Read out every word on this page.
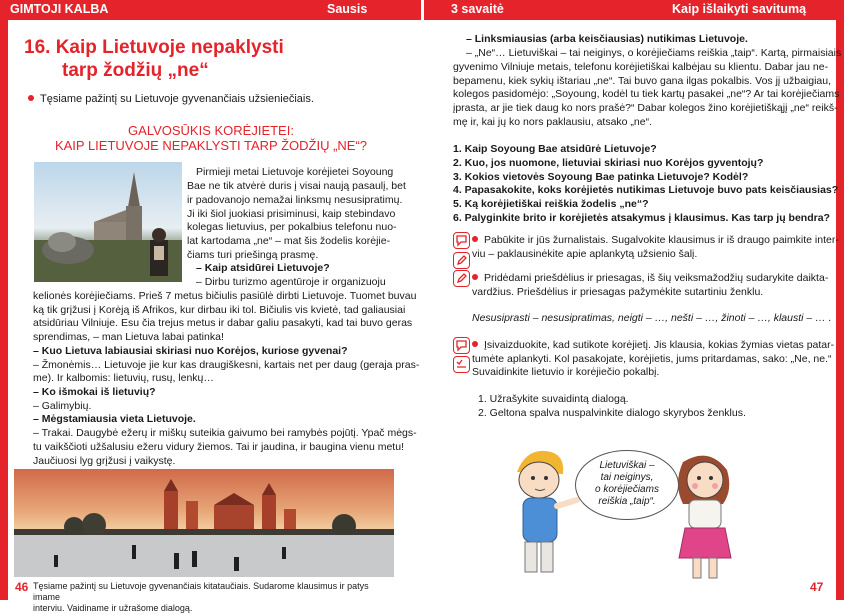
GIMTOJI KALBA	Sausis	3 savaitė	Kaip išlaikyti savitumą
16. Kaip Lietuvoje nepaklysti
tarp žodžių „ne“
Tęsiame pažintį su Lietuvoje gyvenančiais užsieniečiais.
GALVOSŪKIS KORĖJIETEI:
KAIP LIETUVOJE NEPAKLYSTI TARP ŽODŽIŲ „NE“?
Pirmieji metai Lietuvoje korėjietei Soyoung
Bae ne tik atvėrė duris į visai naują pasaulį, bet
ir padovanojo nemažai linksmų nesusipratimų.
Ji iki šiol juokiasi prisiminusi, kaip stebindavo
kolegas lietuvius, per pokalbius telefonu nuo-
lat kartodama „ne“ – mat šis žodelis korėjie-
čiams turi priešingą prasmę.
– Kaip atsidūrei Lietuvoje?
– Dirbu turizmo agentūroje ir organizuoju
kelionės korėjiečiams. Prieš 7 metus bičiulis pasiūlė dirbti Lietuvoje. Tuomet buvau
ką tik grįžusi į Korėją iš Afrikos, kur dirbau iki tol. Bičiulis vis kvietė, tad galiausiai
atsidūriau Vilniuje. Esu čia trejus metus ir dabar galiu pasakyti, kad tai buvo geras
sprendimas, – man Lietuva labai patinka!
– Kuo Lietuva labiausiai skiriasi nuo Korėjos, kuriose gyvenai?
– Žmonėmis… Lietuvoje jie kur kas draugiškesni, kartais net per daug (geraja pras-
me). Ir kalbomis: lietuvių, rusų, lenkų…
– Ko išmokai iš lietuvių?
– Galimybių.
– Mėgstamiausia vieta Lietuvoje.
– Trakai. Daugybė ežerų ir miškų suteikia gaivumo bei ramybės pojūtį. Ypač mėgs-
tu vaikščioti užšalusiu ežeru vidury žiemos. Tai ir jaudina, ir baugina vienu metu!
Jaučiuosi lyg grįžusi į vaikystę.
Tęsiame pažintį su Lietuvoje gyvenančiais kitataučiais. Sudarome klausimus ir patys imame
interviu. Vaidiname ir užrašome dialogą.
46
– Linksmiausias (arba keisčiausias) nutikimas Lietuvoje.
– „Ne“… Lietuviškai – tai neiginys, o korėjiečiams reiškia „taip“. Kartą, pirmaisiais
gyvenimo Vilniuje metais, telefonu korėjietiškai kalbėjau su klientu. Dabar jau ne-
bepamenu, kiek sykių ištariau „ne“. Tai buvo gana ilgas pokalbis. Vos jį užbaigiau,
kolegos pasidomėjo: „Soyoung, kodėl tu tiek kartų pasakei „ne“? Ar tai korėjiečiams
įprasta, ar jie tiek daug ko nors prašė?“ Dabar kolegos žino korėjietiškąjį „ne“ reikš-
mę ir, kai jų ko nors paklausiu, atsako „ne“.
1. Kaip Soyoung Bae atsidūrė Lietuvoje?
2. Kuo, jos nuomone, lietuviai skiriasi nuo Korėjos gyventojų?
3. Kokios vietovės Soyoung Bae patinka Lietuvoje? Kodėl?
4. Papasakokite, koks korėjietės nutikimas Lietuvoje buvo pats keisčiausias?
5. Ką korėjietiškai reiškia žodelis „ne“?
6. Palyginkite brito ir korėjietės atsakymus į klausimus. Kas tarp jų bendra?
Pabūkite ir jūs žurnalistais. Sugalvokite klausimus ir iš draugo paimkite inter-
viu – paklausinėkite apie aplankytą užsienio šalį.
Pridėdami priešdėlius ir priesagas, iš šių veiksmažodžių sudarykite daikta-
vardžius. Priešdėlius ir priesagas pažymėkite sutartiniu ženklu.
Nesusiprasti – nesusipratimas, neigti – …, nešti – …, žinoti – …, klausti – … .
Įsivaizduokite, kad sutikote korėjietį. Jis klausia, kokias žymias vietas patar-
tumėte aplankyti. Kol pasakojate, korėjietis, jums pritardamas, sako: „Ne, ne.“
Suvaidinkite lietuvio ir korėjiečio pokalbį.
1. Užrašykite suvaidintą dialogą.
2. Geltona spalva nuspalvinkite dialogo skyrybos ženklus.
Lietuviškai –
tai neiginys,
o korėjiečiams
reiškia „taip“.
47
